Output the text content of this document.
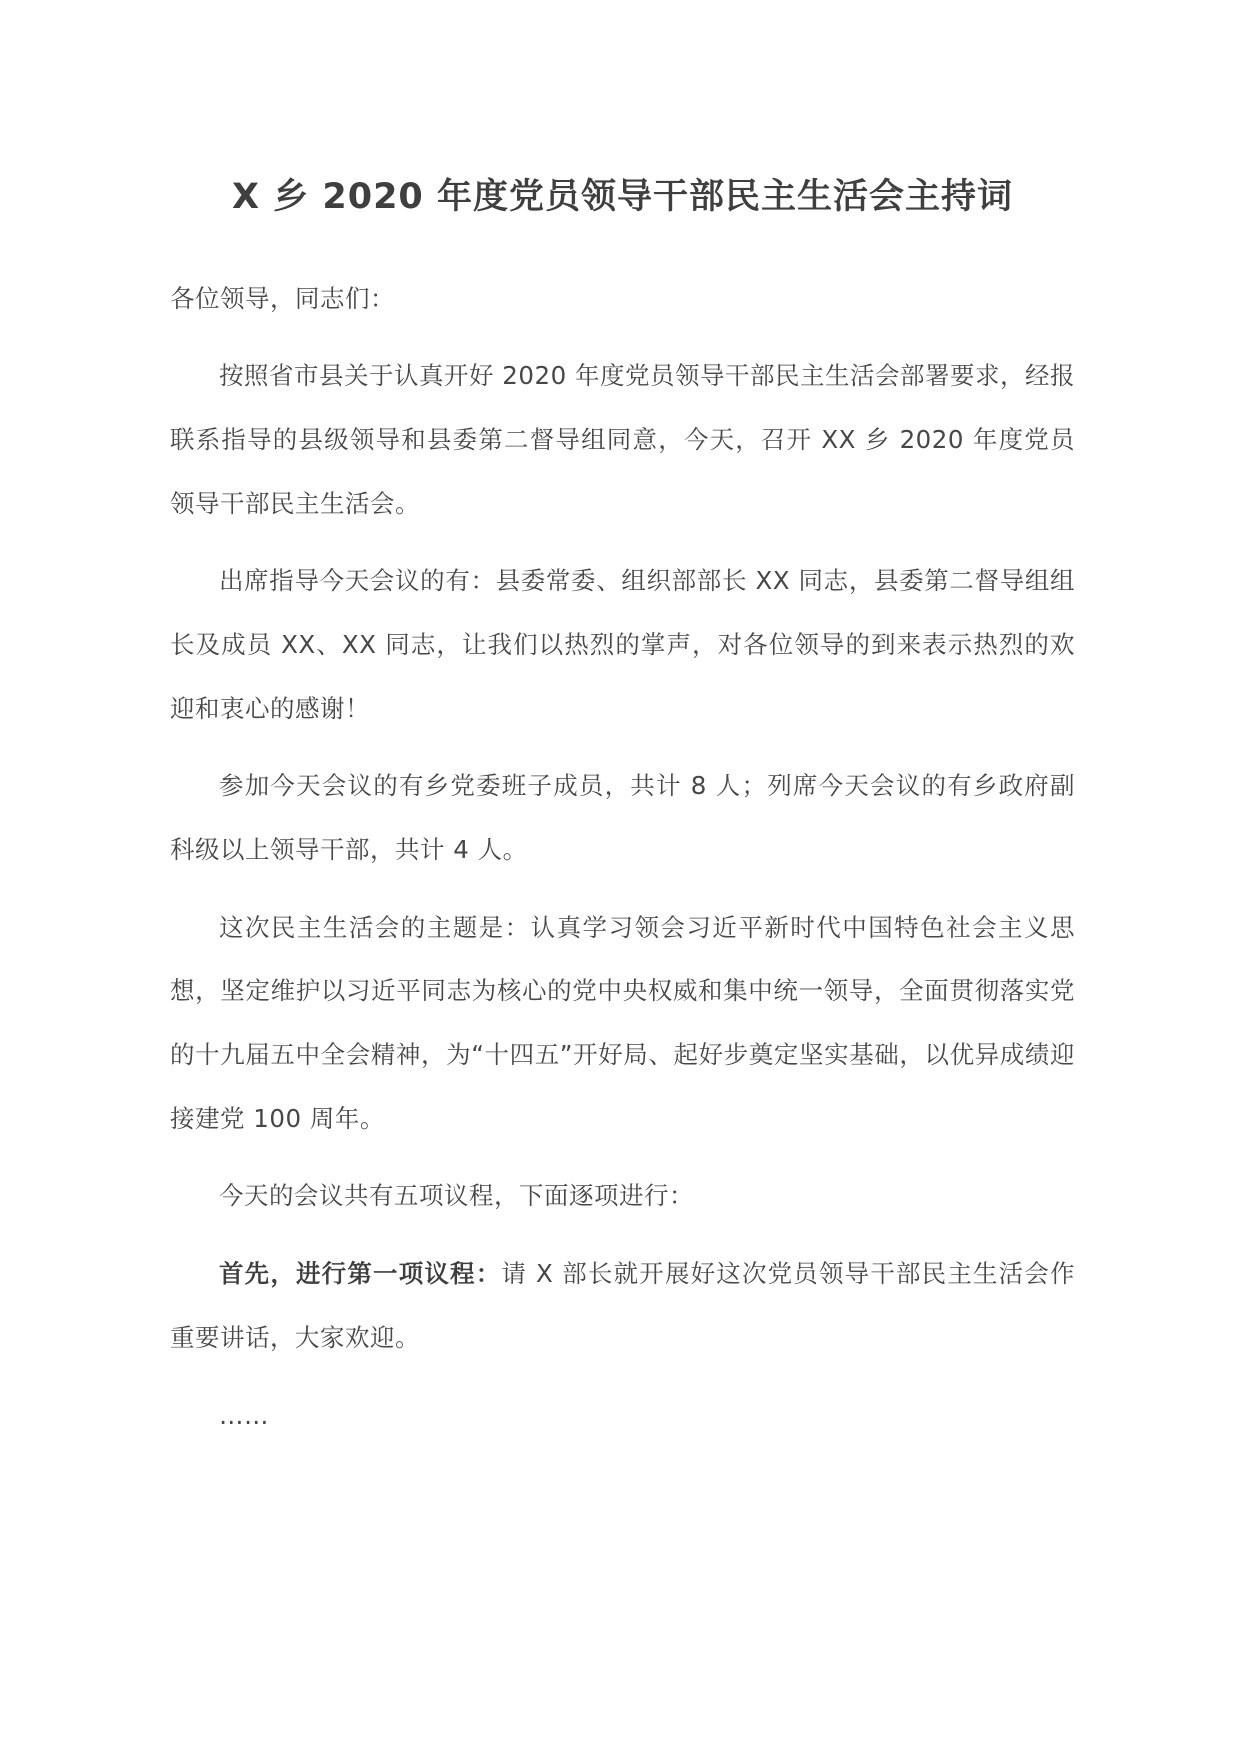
X 乡 2020 年度党员领导干部民主生活会主持词

各位领导，同志们：

按照省市县关于认真开好 2020 年度党员领导干部民主生活会部署要求，经报联系指导的县级领导和县委第二督导组同意，今天，召开 XX 乡 2020 年度党员领导干部民主生活会。

出席指导今天会议的有：县委常委、组织部部长 XX 同志，县委第二督导组组长及成员 XX、XX 同志，让我们以热烈的掌声，对各位领导的到来表示热烈的欢迎和衷心的感谢！

参加今天会议的有乡党委班子成员，共计 8 人；列席今天会议的有乡政府副科级以上领导干部，共计 4 人。

这次民主生活会的主题是：认真学习领会习近平新时代中国特色社会主义思想，坚定维护以习近平同志为核心的党中央权威和集中统一领导，全面贯彻落实党的十九届五中全会精神，为“十四五”开好局、起好步奠定坚实基础，以优异成绩迎接建党 100 周年。

今天的会议共有五项议程，下面逐项进行：

首先，进行第一项议程：请 X 部长就开展好这次党员领导干部民主生活会作重要讲话，大家欢迎。

……
